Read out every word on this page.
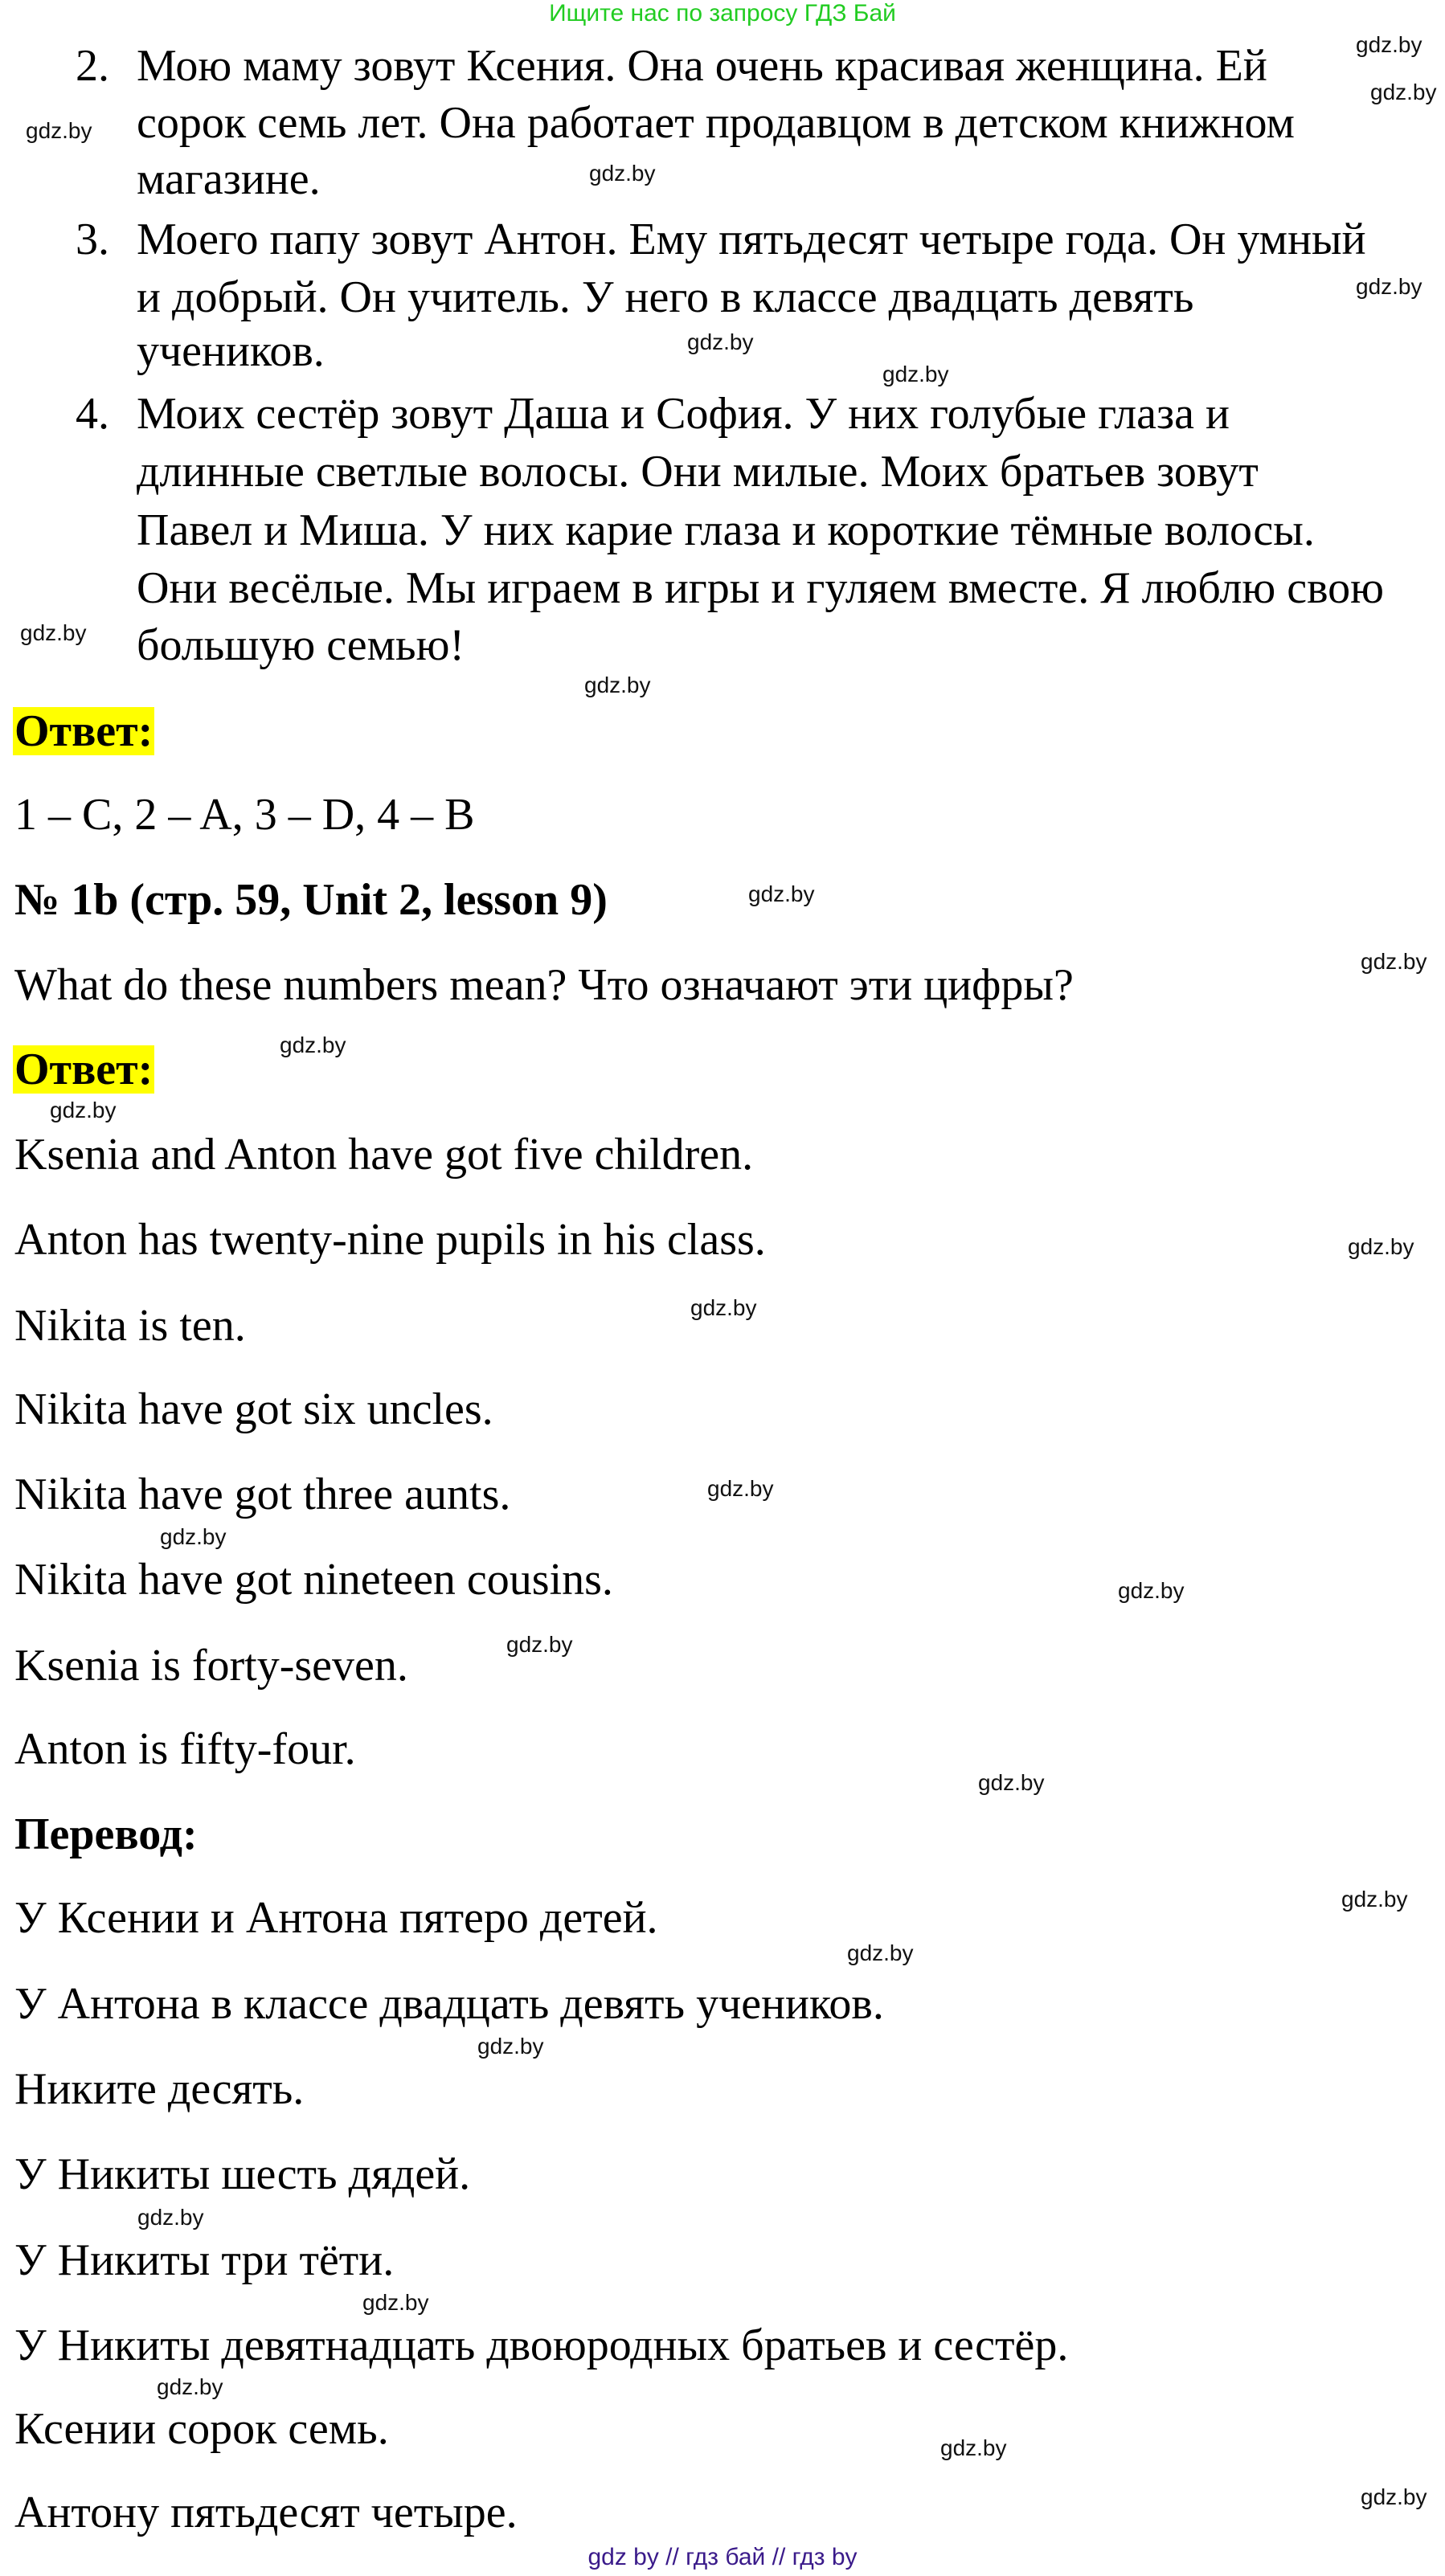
Ищите нас по запросу ГДЗ Бай
2. Мою маму зовут Ксения. Она очень красивая женщина. Ей
сорок семь лет. Она работает продавцом в детском книжном
магазине.
3. Моего папу зовут Антон. Ему пятьдесят четыре года. Он умный
и добрый. Он учитель. У него в классе двадцать девять
учеников.
4. Моих сестёр зовут Даша и София. У них голубые глаза и
длинные светлые волосы. Они милые. Моих братьев зовут
Павел и Миша. У них карие глаза и короткие тёмные волосы.
Они весёлые. Мы играем в игры и гуляем вместе. Я люблю свою
большую семью!
Ответ:
1 – C, 2 – A, 3 – D, 4 – B
№ 1b (стр. 59, Unit 2, lesson 9)
What do these numbers mean? Что означают эти цифры?
Ответ:
Ksenia and Anton have got five children.
Anton has twenty-nine pupils in his class.
Nikita is ten.
Nikita have got six uncles.
Nikita have got three aunts.
Nikita have got nineteen cousins.
Ksenia is forty-seven.
Anton is fifty-four.
Перевод:
У Ксении и Антона пятеро детей.
У Антона в классе двадцать девять учеников.
Никите десять.
У Никиты шесть дядей.
У Никиты три тёти.
У Никиты девятнадцать двоюродных братьев и сестёр.
Ксении сорок семь.
Антону пятьдесят четыре.
gdz by // гдз бай // гдз by
gdz.by
gdz.by
gdz.by
gdz.by
gdz.by
gdz.by
gdz.by
gdz.by
gdz.by
gdz.by
gdz.by
gdz.by
gdz.by
gdz.by
gdz.by
gdz.by
gdz.by
gdz.by
gdz.by
gdz.by
gdz.by
gdz.by
gdz.by
gdz.by
gdz.by
gdz.by
gdz.by
gdz.by
